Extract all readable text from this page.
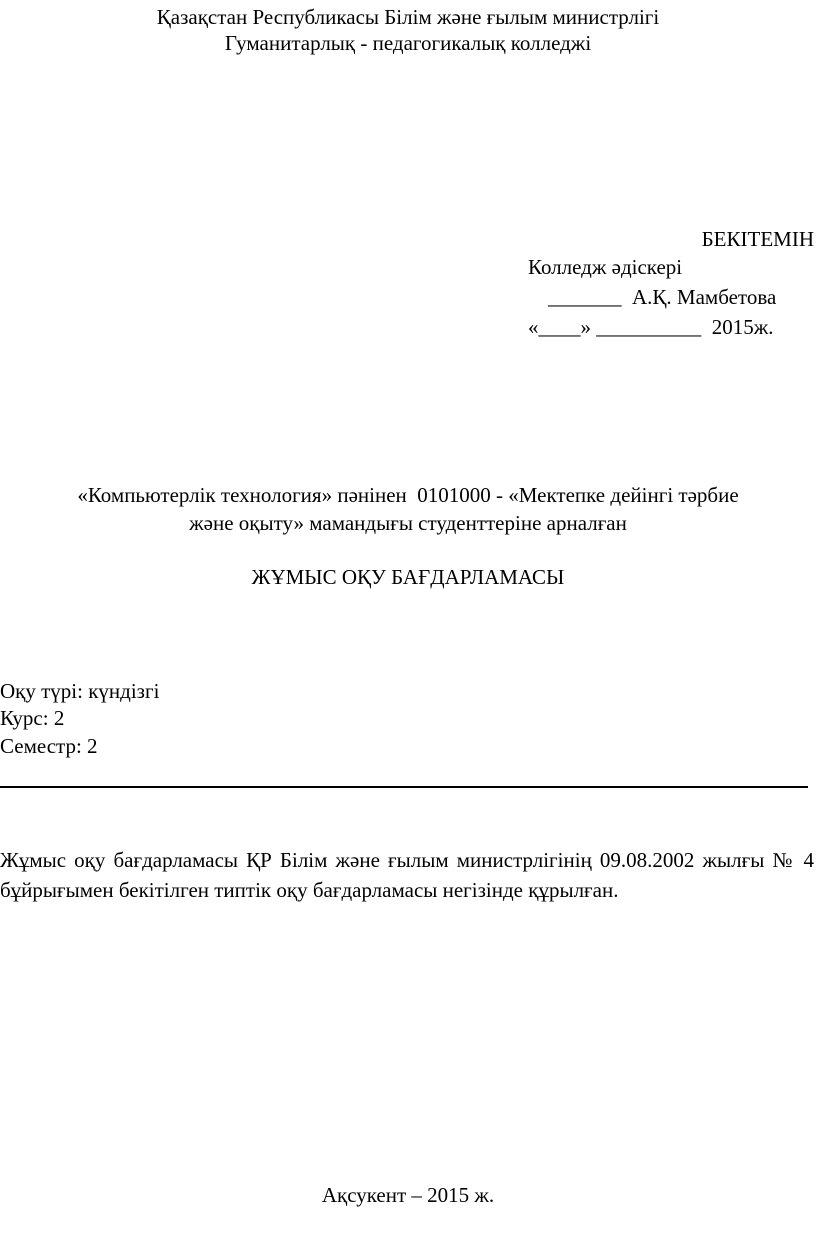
Қазақстан Республикасы Білім және ғылым министрлігі
Гуманитарлық - педагогикалық колледжі
БЕКІТЕМІН
Колледж әдіскері
_______  А.Қ. Мамбетова
«____» __________  2015ж.
«Компьютерлік технология» пәнінен  0101000 - «Мектепке дейінгі тәрбие
және оқыту» мамандығы студенттеріне арналған
ЖҰМЫС ОҚУ БАҒДАРЛАМАСЫ
Оқу түрі: күндізгі
Курс: 2
Семестр: 2
Жұмыс оқу бағдарламасы ҚР Білім және ғылым министрлігінің 09.08.2002 жылғы № 4 бұйрығымен бекітілген типтік оқу бағдарламасы негізінде құрылған.
Ақсукент – 2015 ж.
